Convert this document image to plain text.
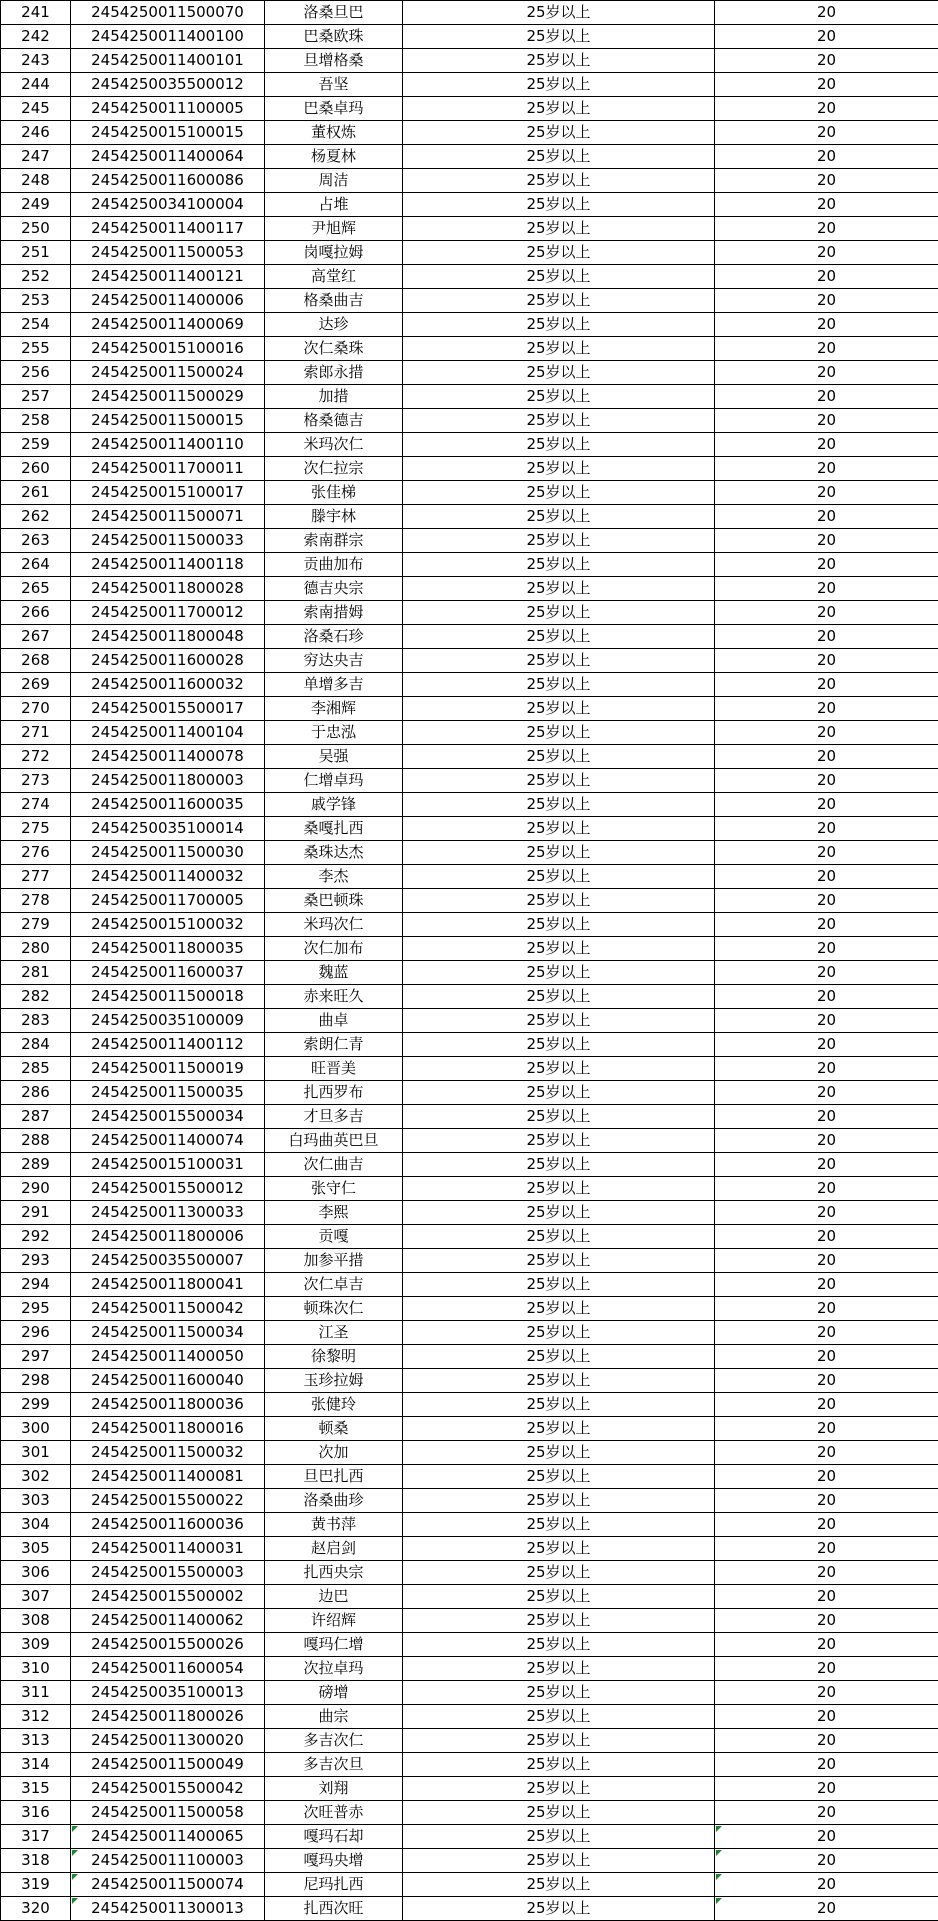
241	2454250011500070	洛桑旦巴	25岁以上	20
242	2454250011400100	巴桑欧珠	25岁以上	20
243	2454250011400101	旦增格桑	25岁以上	20
244	2454250035500012	吾坚	25岁以上	20
245	2454250011100005	巴桑卓玛	25岁以上	20
246	2454250015100015	董权炼	25岁以上	20
247	2454250011400064	杨夏林	25岁以上	20
248	2454250011600086	周洁	25岁以上	20
249	2454250034100004	占堆	25岁以上	20
250	2454250011400117	尹旭辉	25岁以上	20
251	2454250011500053	岗嘎拉姆	25岁以上	20
252	2454250011400121	高堂红	25岁以上	20
253	2454250011400006	格桑曲吉	25岁以上	20
254	2454250011400069	达珍	25岁以上	20
255	2454250015100016	次仁桑珠	25岁以上	20
256	2454250011500024	索郎永措	25岁以上	20
257	2454250011500029	加措	25岁以上	20
258	2454250011500015	格桑德吉	25岁以上	20
259	2454250011400110	米玛次仁	25岁以上	20
260	2454250011700011	次仁拉宗	25岁以上	20
261	2454250015100017	张佳梯	25岁以上	20
262	2454250011500071	滕宇林	25岁以上	20
263	2454250011500033	索南群宗	25岁以上	20
264	2454250011400118	贡曲加布	25岁以上	20
265	2454250011800028	德吉央宗	25岁以上	20
266	2454250011700012	索南措姆	25岁以上	20
267	2454250011800048	洛桑石珍	25岁以上	20
268	2454250011600028	穷达央吉	25岁以上	20
269	2454250011600032	单增多吉	25岁以上	20
270	2454250015500017	李湘辉	25岁以上	20
271	2454250011400104	于忠泓	25岁以上	20
272	2454250011400078	吴强	25岁以上	20
273	2454250011800003	仁增卓玛	25岁以上	20
274	2454250011600035	戚学锋	25岁以上	20
275	2454250035100014	桑嘎扎西	25岁以上	20
276	2454250011500030	桑珠达杰	25岁以上	20
277	2454250011400032	李杰	25岁以上	20
278	2454250011700005	桑巴顿珠	25岁以上	20
279	2454250015100032	米玛次仁	25岁以上	20
280	2454250011800035	次仁加布	25岁以上	20
281	2454250011600037	魏蓝	25岁以上	20
282	2454250011500018	赤来旺久	25岁以上	20
283	2454250035100009	曲卓	25岁以上	20
284	2454250011400112	索朗仁青	25岁以上	20
285	2454250011500019	旺晋美	25岁以上	20
286	2454250011500035	扎西罗布	25岁以上	20
287	2454250015500034	才旦多吉	25岁以上	20
288	2454250011400074	白玛曲英巴旦	25岁以上	20
289	2454250015100031	次仁曲吉	25岁以上	20
290	2454250015500012	张守仁	25岁以上	20
291	2454250011300033	李熙	25岁以上	20
292	2454250011800006	贡嘎	25岁以上	20
293	2454250035500007	加参平措	25岁以上	20
294	2454250011800041	次仁卓吉	25岁以上	20
295	2454250011500042	顿珠次仁	25岁以上	20
296	2454250011500034	江圣	25岁以上	20
297	2454250011400050	徐黎明	25岁以上	20
298	2454250011600040	玉珍拉姆	25岁以上	20
299	2454250011800036	张健玲	25岁以上	20
300	2454250011800016	顿桑	25岁以上	20
301	2454250011500032	次加	25岁以上	20
302	2454250011400081	旦巴扎西	25岁以上	20
303	2454250015500022	洛桑曲珍	25岁以上	20
304	2454250011600036	黄书萍	25岁以上	20
305	2454250011400031	赵启剑	25岁以上	20
306	2454250015500003	扎西央宗	25岁以上	20
307	2454250015500002	边巴	25岁以上	20
308	2454250011400062	许绍辉	25岁以上	20
309	2454250015500026	嘎玛仁增	25岁以上	20
310	2454250011600054	次拉卓玛	25岁以上	20
311	2454250035100013	磅增	25岁以上	20
312	2454250011800026	曲宗	25岁以上	20
313	2454250011300020	多吉次仁	25岁以上	20
314	2454250011500049	多吉次旦	25岁以上	20
315	2454250015500042	刘翔	25岁以上	20
316	2454250011500058	次旺普赤	25岁以上	20
317	2454250011400065	嘎玛石却	25岁以上	20
318	2454250011100003	嘎玛央增	25岁以上	20
319	2454250011500074	尼玛扎西	25岁以上	20
320	2454250011300013	扎西次旺	25岁以上	20
